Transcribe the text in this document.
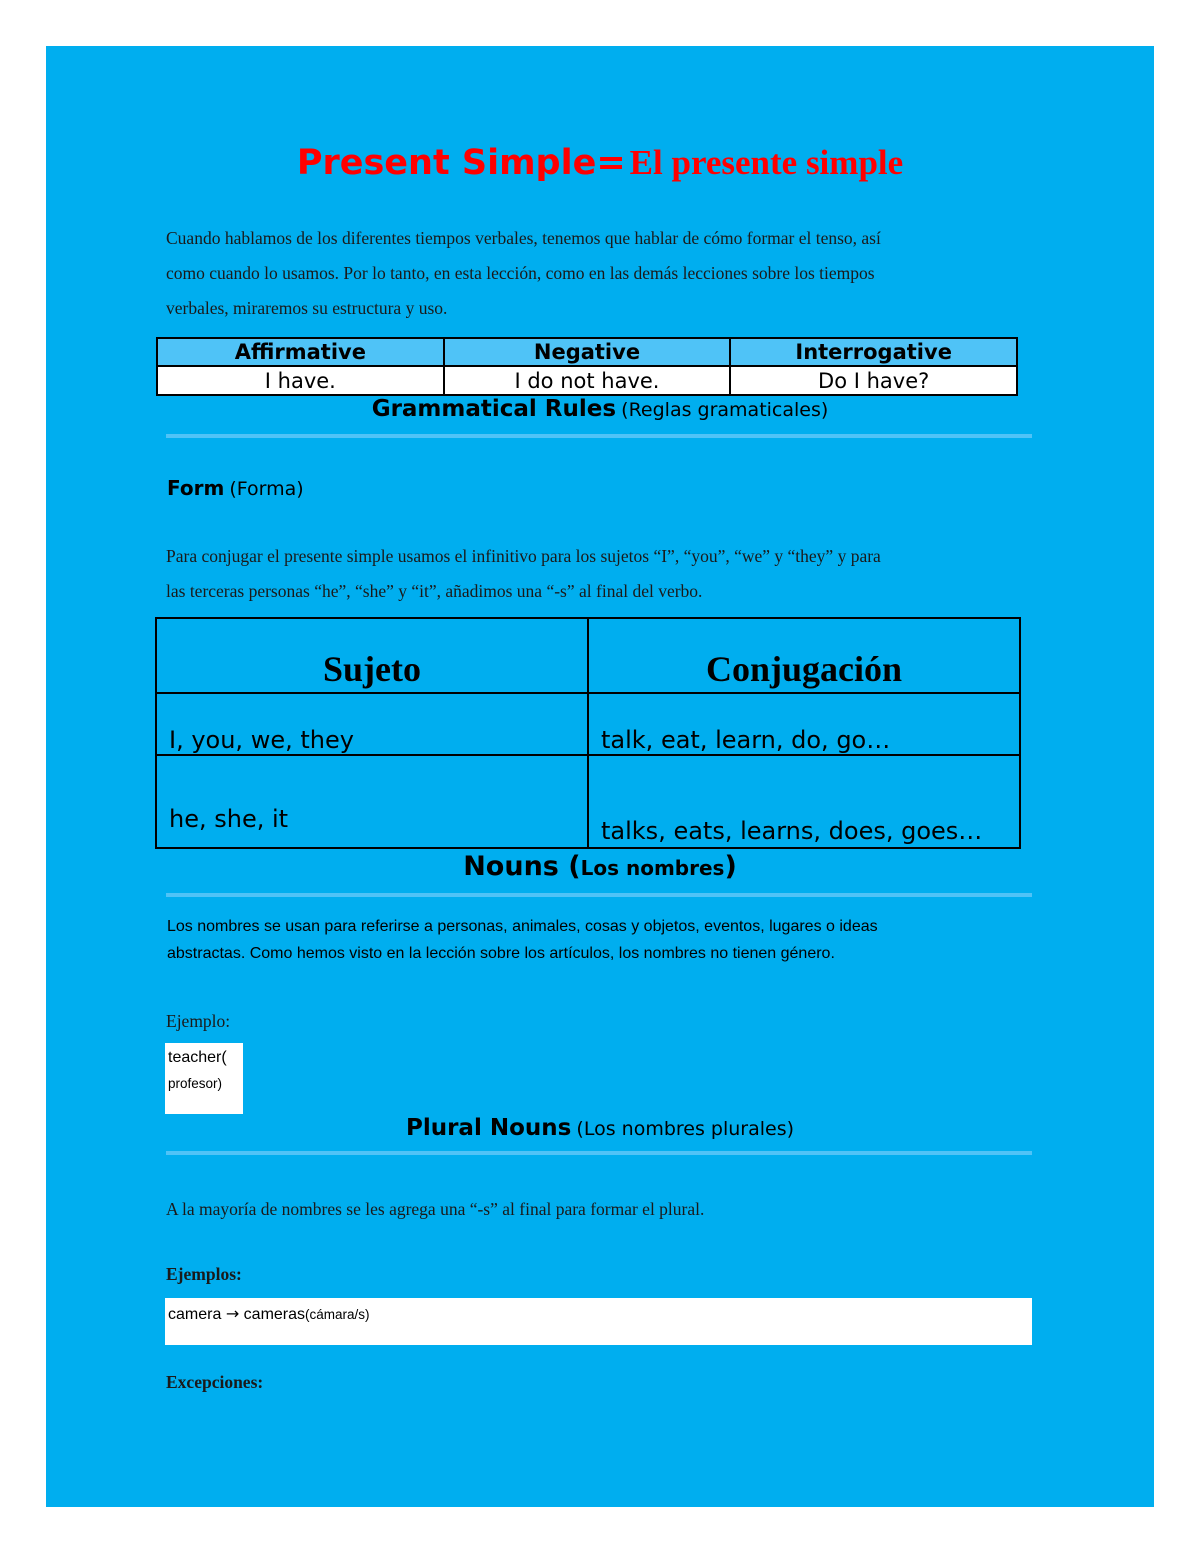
Present Simple= El presente simple
Cuando hablamos de los diferentes tiempos verbales, tenemos que hablar de cómo formar el tenso, así
como cuando lo usamos. Por lo tanto, en esta lección, como en las demás lecciones sobre los tiempos
verbales, miraremos su estructura y uso.
Affirmative	Negative	Interrogative
I have.	I do not have.	Do I have?
Grammatical Rules (Reglas gramaticales)
Form (Forma)
Para conjugar el presente simple usamos el infinitivo para los sujetos “I”, “you”, “we” y “they” y para
las terceras personas “he”, “she” y “it”, añadimos una “-s” al final del verbo.
Sujeto	Conjugación
I, you, we, they	talk, eat, learn, do, go…
he, she, it	talks, eats, learns, does, goes…
Nouns (Los nombres)
Los nombres se usan para referirse a personas, animales, cosas y objetos, eventos, lugares o ideas
abstractas. Como hemos visto en la lección sobre los artículos, los nombres no tienen género.
Ejemplo:
teacher(
profesor)
Plural Nouns (Los nombres plurales)
A la mayoría de nombres se les agrega una “-s” al final para formar el plural.
Ejemplos:
camera → cameras(cámara/s)
Excepciones:
